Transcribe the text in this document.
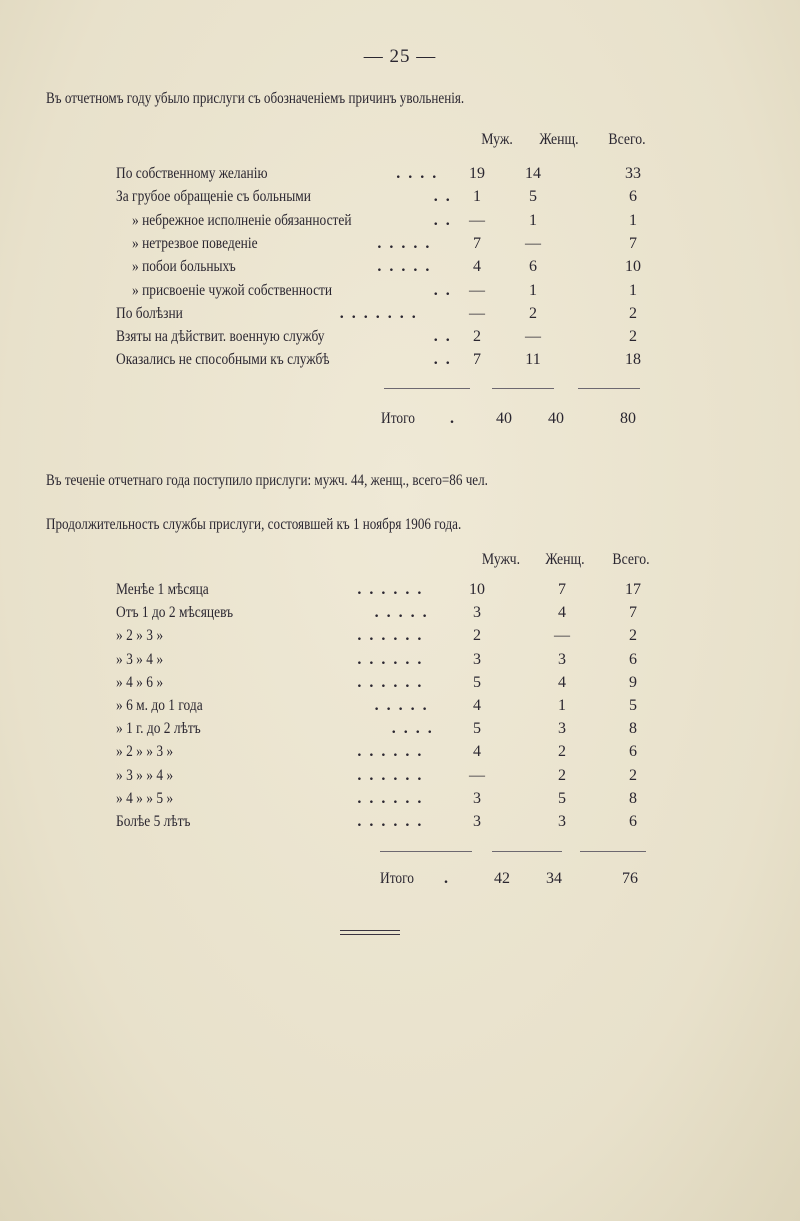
— 25 —
Въ отчетномъ году убыло прислуги съ обозначеніемъ причинъ увольненія.
Муж.	Женщ.	Всего.
По собственному желанію	. . . .	19	14	33
За грубое обращеніе съ больными	. .	1	5	6
» небрежное исполненіе обязанностей	. .	—	1	1
» нетрезвое поведеніе	. . . . .	7	—	7
» побои больныхъ	. . . . .	4	6	10
» присвоеніе чужой собственности	. .	—	1	1
По болѣзни	. . . . . . .	—	2	2
Взяты на дѣйствит. военную службу	. .	2	—	2
Оказались не способными къ службѣ	. .	7	11	18
Итого .	40	40	80
Въ теченіе отчетнаго года поступило прислуги: мужч. 44, женщ., всего=86 чел.
Продолжительность службы прислуги, состоявшей къ 1 ноября 1906 года.
Мужч.	Женщ.	Всего.
Менѣе 1 мѣсяца	. . . . . .	10	7	17
Отъ 1 до 2 мѣсяцевъ	. . . . .	3	4	7
» 2 » 3 »	. . . . . .	2	—	2
» 3 » 4 »	. . . . . .	3	3	6
» 4 » 6 »	. . . . . .	5	4	9
» 6 м. до 1 года	. . . . .	4	1	5
» 1 г. до 2 лѣтъ	. . . .	5	3	8
» 2 » » 3 »	. . . . . .	4	2	6
» 3 » » 4 »	. . . . . .	—	2	2
» 4 » » 5 »	. . . . . .	3	5	8
Болѣе 5 лѣтъ	. . . . . .	3	3	6
Итого .	42	34	76
